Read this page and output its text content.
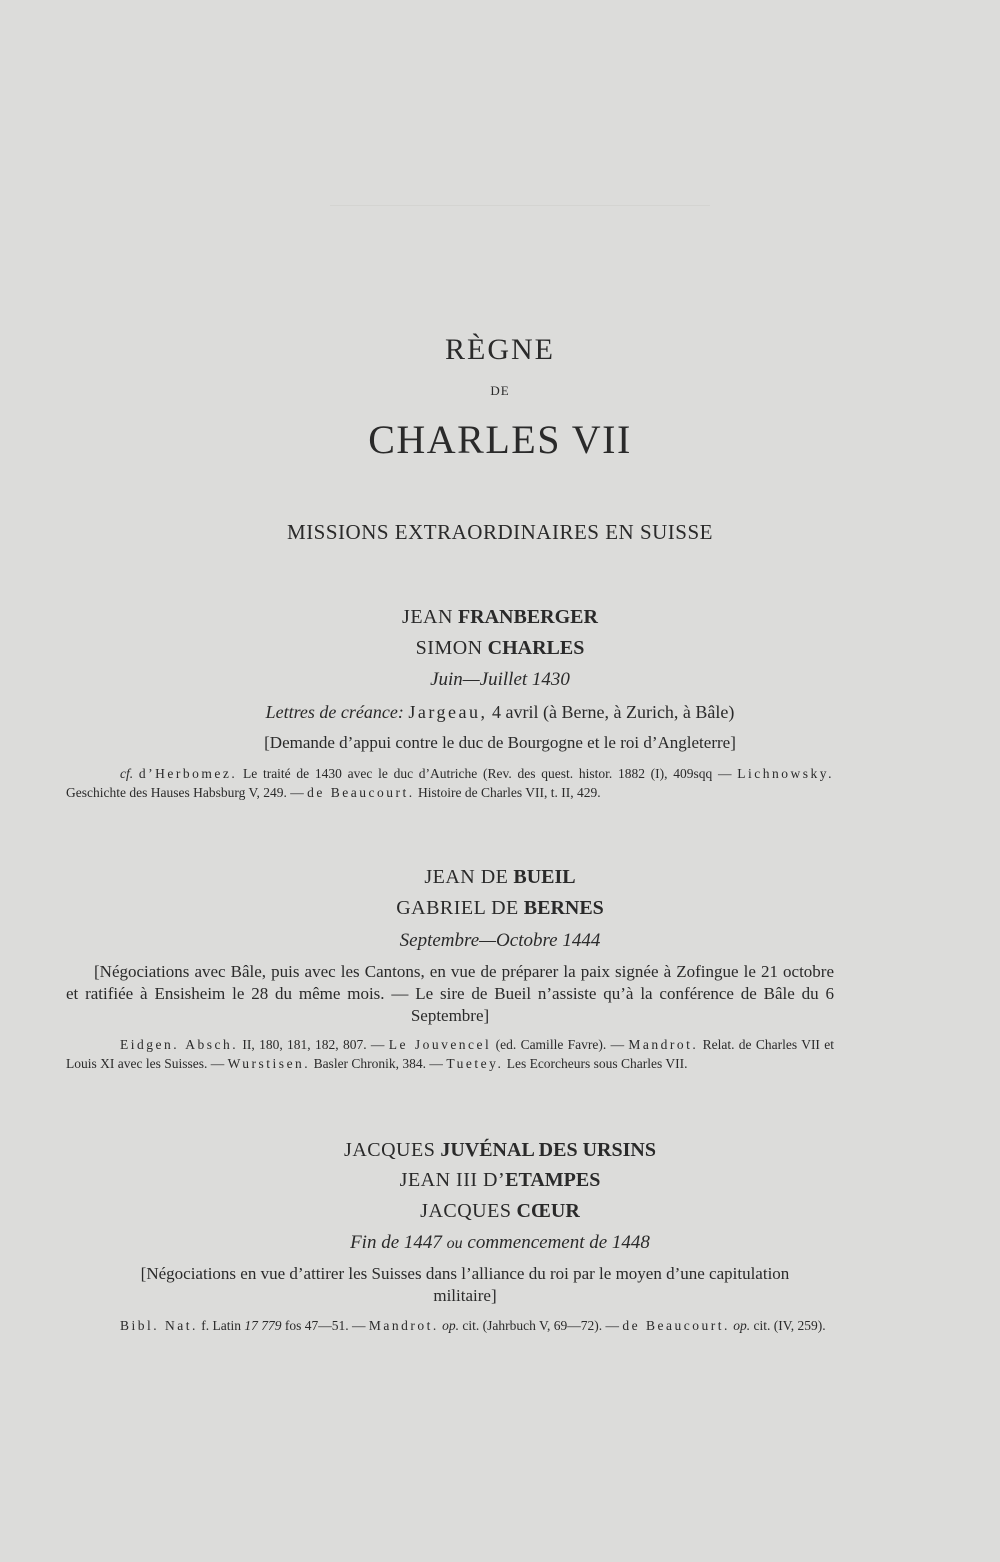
RÈGNE
DE
CHARLES VII
MISSIONS EXTRAORDINAIRES EN SUISSE
JEAN FRANBERGER
SIMON CHARLES
Juin—Juillet 1430
Lettres de créance: Jargeau, 4 avril (à Berne, à Zurich, à Bâle)
[Demande d’appui contre le duc de Bourgogne et le roi d’Angleterre]
cf. d’Herbomez. Le traité de 1430 avec le duc d’Autriche (Rev. des quest. histor. 1882 (I), 409sqq — Lichnowsky. Geschichte des Hauses Habsburg V, 249. — de Beaucourt. Histoire de Charles VII, t. II, 429.
JEAN DE BUEIL
GABRIEL DE BERNES
Septembre—Octobre 1444
[Négociations avec Bâle, puis avec les Cantons, en vue de préparer la paix signée à Zofingue le 21 octobre et ratifiée à Ensisheim le 28 du même mois. — Le sire de Bueil n’assiste qu’à la conférence de Bâle du 6 Septembre]
Eidgen. Absch. II, 180, 181, 182, 807. — Le Jouvencel (ed. Camille Favre). — Mandrot. Relat. de Charles VII et Louis XI avec les Suisses. — Wurstisen. Basler Chronik, 384. — Tuetey. Les Ecorcheurs sous Charles VII.
JACQUES JUVÉNAL DES URSINS
JEAN III D’ETAMPES
JACQUES CŒUR
Fin de 1447 ou commencement de 1448
[Négociations en vue d’attirer les Suisses dans l’alliance du roi par le moyen d’une capitulation militaire]
Bibl. Nat. f. Latin 17 779 fos 47—51. — Mandrot. op. cit. (Jahrbuch V, 69—72). — de Beaucourt. op. cit. (IV, 259).
